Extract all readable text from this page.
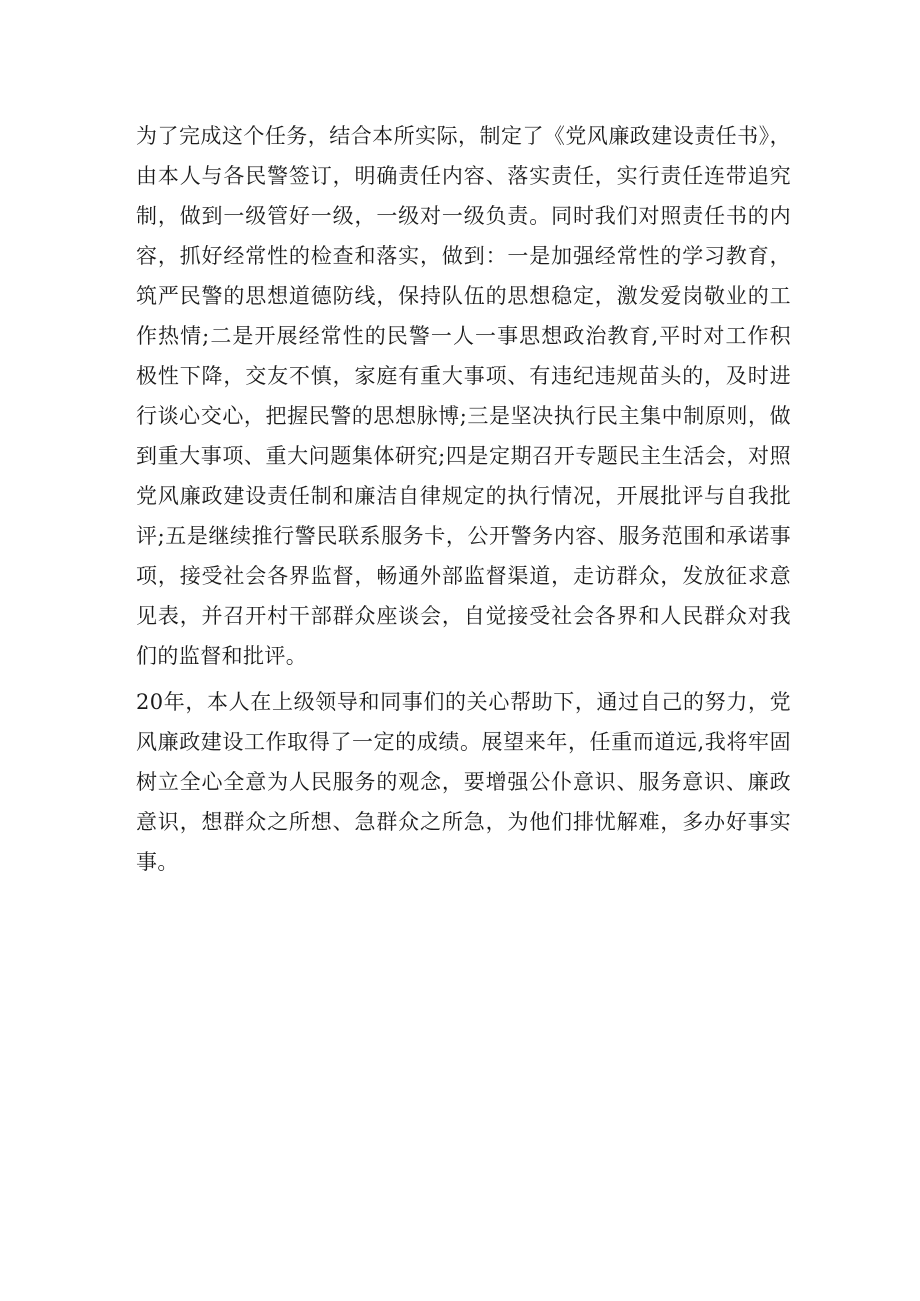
为了完成这个任务，结合本所实际，制定了《党风廉政建设责任书》，由本人与各民警签订，明确责任内容、落实责任，实行责任连带追究制，做到一级管好一级，一级对一级负责。同时我们对照责任书的内容，抓好经常性的检查和落实，做到：一是加强经常性的学习教育，筑严民警的思想道德防线，保持队伍的思想稳定，激发爱岗敬业的工作热情;二是开展经常性的民警一人一事思想政治教育,平时对工作积极性下降，交友不慎，家庭有重大事项、有违纪违规苗头的，及时进行谈心交心，把握民警的思想脉博;三是坚决执行民主集中制原则，做到重大事项、重大问题集体研究;四是定期召开专题民主生活会，对照党风廉政建设责任制和廉洁自律规定的执行情况，开展批评与自我批评;五是继续推行警民联系服务卡，公开警务内容、服务范围和承诺事项，接受社会各界监督，畅通外部监督渠道，走访群众，发放征求意见表，并召开村干部群众座谈会，自觉接受社会各界和人民群众对我们的监督和批评。

20年，本人在上级领导和同事们的关心帮助下，通过自己的努力，党风廉政建设工作取得了一定的成绩。展望来年，任重而道远,我将牢固树立全心全意为人民服务的观念，要增强公仆意识、服务意识、廉政意识，想群众之所想、急群众之所急，为他们排忧解难，多办好事实事。
